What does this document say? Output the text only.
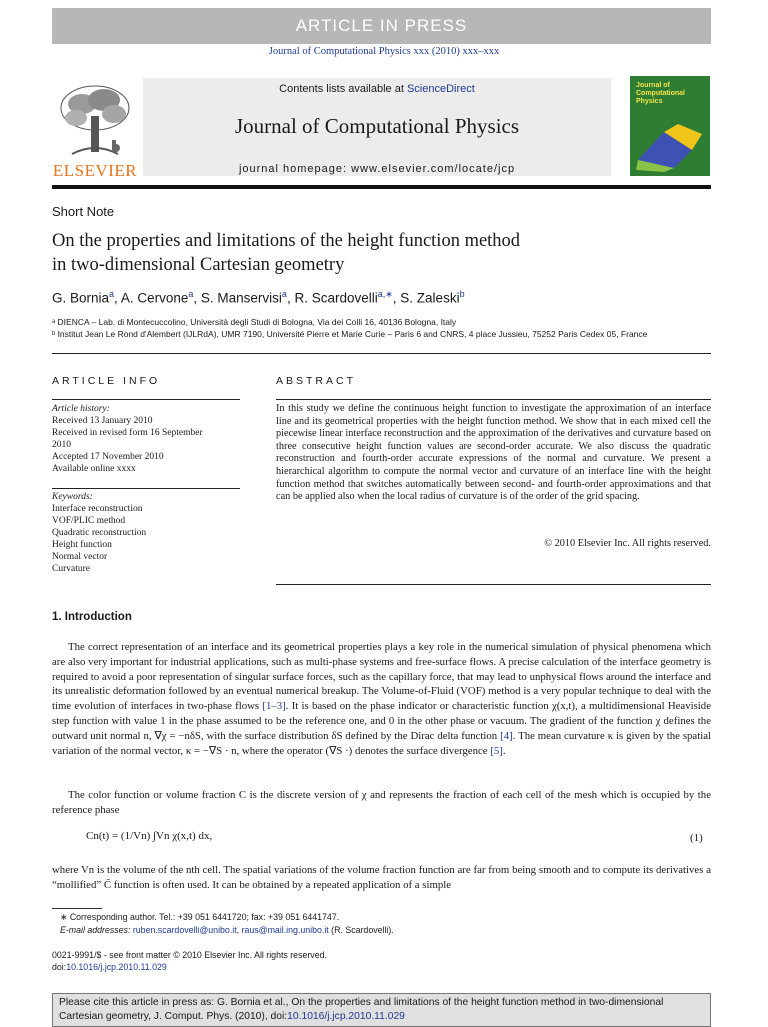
ARTICLE IN PRESS
Journal of Computational Physics xxx (2010) xxx–xxx
ELSEVIER
Contents lists available at ScienceDirect
Journal of Computational Physics
journal homepage: www.elsevier.com/locate/jcp
Journal of Computational Physics
Short Note
On the properties and limitations of the height function method
in two-dimensional Cartesian geometry
G. Bornia$^a$, A. Cervone$^a$, S. Manservisi$^a$, R. Scardovelli$^{a,∗}$, S. Zaleski$^b$
ᵃ DIENCA – Lab. di Montecuccolino, Università degli Studi di Bologna, Via dei Colli 16, 40136 Bologna, Italy
ᵇ Institut Jean Le Rond d'Alembert (IJLRdA), UMR 7190, Université Pierre et Marie Curie – Paris 6 and CNRS, 4 place Jussieu, 75252 Paris Cedex 05, France
ARTICLE INFO
Article history:
Received 13 January 2010
Received in revised form 16 September
2010
Accepted 17 November 2010
Available online xxxx
Keywords:
Interface reconstruction
VOF/PLIC method
Quadratic reconstruction
Height function
Normal vector
Curvature
ABSTRACT
In this study we define the continuous height function to investigate the approximation of an interface line and its geometrical properties with the height function method. We show that in each mixed cell the piecewise linear interface reconstruction and the approximation of the derivatives and curvature based on three consecutive height function values are second-order accurate. We also discuss the quadratic reconstruction and fourth-order accurate expressions of the normal and curvature. We present a hierarchical algorithm to compute the normal vector and curvature of an interface line with the height function method that switches automatically between second- and fourth-order approximations and that can be applied also when the local radius of curvature is of the order of the grid spacing.
© 2010 Elsevier Inc. All rights reserved.
1. Introduction
The correct representation of an interface and its geometrical properties plays a key role in the numerical simulation of physical phenomena which are also very important for industrial applications, such as multi-phase systems and free-surface flows. A precise calculation of the interface geometry is required to avoid a poor representation of singular surface forces, such as the capillary force, that may lead to unphysical flows around the interface and its unrealistic deformation followed by an eventual numerical breakup. The Volume-of-Fluid (VOF) method is a very popular technique to deal with the time evolution of interfaces in two-phase flows [1–3]. It is based on the phase indicator or characteristic function χ(x,t), a multidimensional Heaviside step function with value 1 in the phase assumed to be the reference one, and 0 in the other phase or vacuum. The gradient of the function χ defines the outward unit normal n, ∇χ = −nδS, with the surface distribution δS defined by the Dirac delta function [4]. The mean curvature κ is given by the spatial variation of the normal vector, κ = −∇S · n, where the operator (∇S ·) denotes the surface divergence [5].
The color function or volume fraction C is the discrete version of χ and represents the fraction of each cell of the mesh which is occupied by the reference phase
Cn(t) = (1/Vn) ∫Vn χ(x,t) dx,	(1)
where Vn is the volume of the nth cell. The spatial variations of the volume fraction function are far from being smooth and to compute its derivatives a “mollified” C̃ function is often used. It can be obtained by a repeated application of a simple
∗ Corresponding author. Tel.: +39 051 6441720; fax: +39 051 6441747.
E-mail addresses: ruben.scardovelli@unibo.it, raus@mail.ing.unibo.it (R. Scardovelli).
0021-9991/$ - see front matter © 2010 Elsevier Inc. All rights reserved.
doi:10.1016/j.jcp.2010.11.029
Please cite this article in press as: G. Bornia et al., On the properties and limitations of the height function method in two-dimensional Cartesian geometry, J. Comput. Phys. (2010), doi:10.1016/j.jcp.2010.11.029
